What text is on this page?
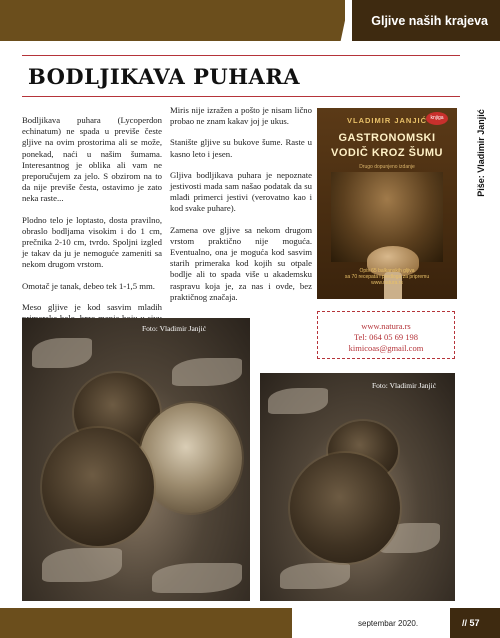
Gljive naših krajeva
BODLJIKAVA PUHARA
Piše: Vladimir Janjić

Bodljikava puhara (Lycoperdon echinatum) ne spada u previše česte gljive na ovim prostorima ali se može, ponekad, naći u našim šumama. Interesantnog je oblika ali vam ne preporučujem za jelo. S obzirom na to da nije previše česta, ostavimo je zato neka raste...

Plodno telo je loptasto, dosta pravilno, obraslo bodljama visokim i do 1 cm, prečnika 2-10 cm, tvrdo. Spoljni izgled je takav da ju je nemoguće zameniti sa nekom drugom vrstom.

Omotač je tanak, debeo tek 1-1,5 mm.

Meso gljive je kod sasvim mladih

Miris nije izražen a pošto je nisam lično probao ne znam kakav joj je ukus.

Stanište gljive su bukove šume. Raste u kasno leto i jesen.

Gljiva bodljikava puhara je nepoznate jestivosti mada sam našao podatak da su mlađi primerci jestivi (verovatno kao i kod svake puhare).

Zamena ove gljive sa nekom drugom vrstom praktično nije moguća. Eventualno, ona je moguća kod sasvim starih primeraka kod kojih su otpale bodlje ali to spada više u akademsku raspravu koja je, za nas i ovde, bez praktičnog značaja.

knjiga
VLADIMIR JANJIĆ
GASTRONOMSKI
VODIČ KROZ ŠUMU
Drugo dopunjeno izdanje
Opis 65 balkanskih gljiva
sa 70 recepata i predloga za pripremu
www.natura.rs
www.natura.rs
Tel: 064 05 69 198
kimicoas@gmail.com
Foto: Vladimir Janjić
Foto: Vladimir Janjić
septembar 2020.	// 57
